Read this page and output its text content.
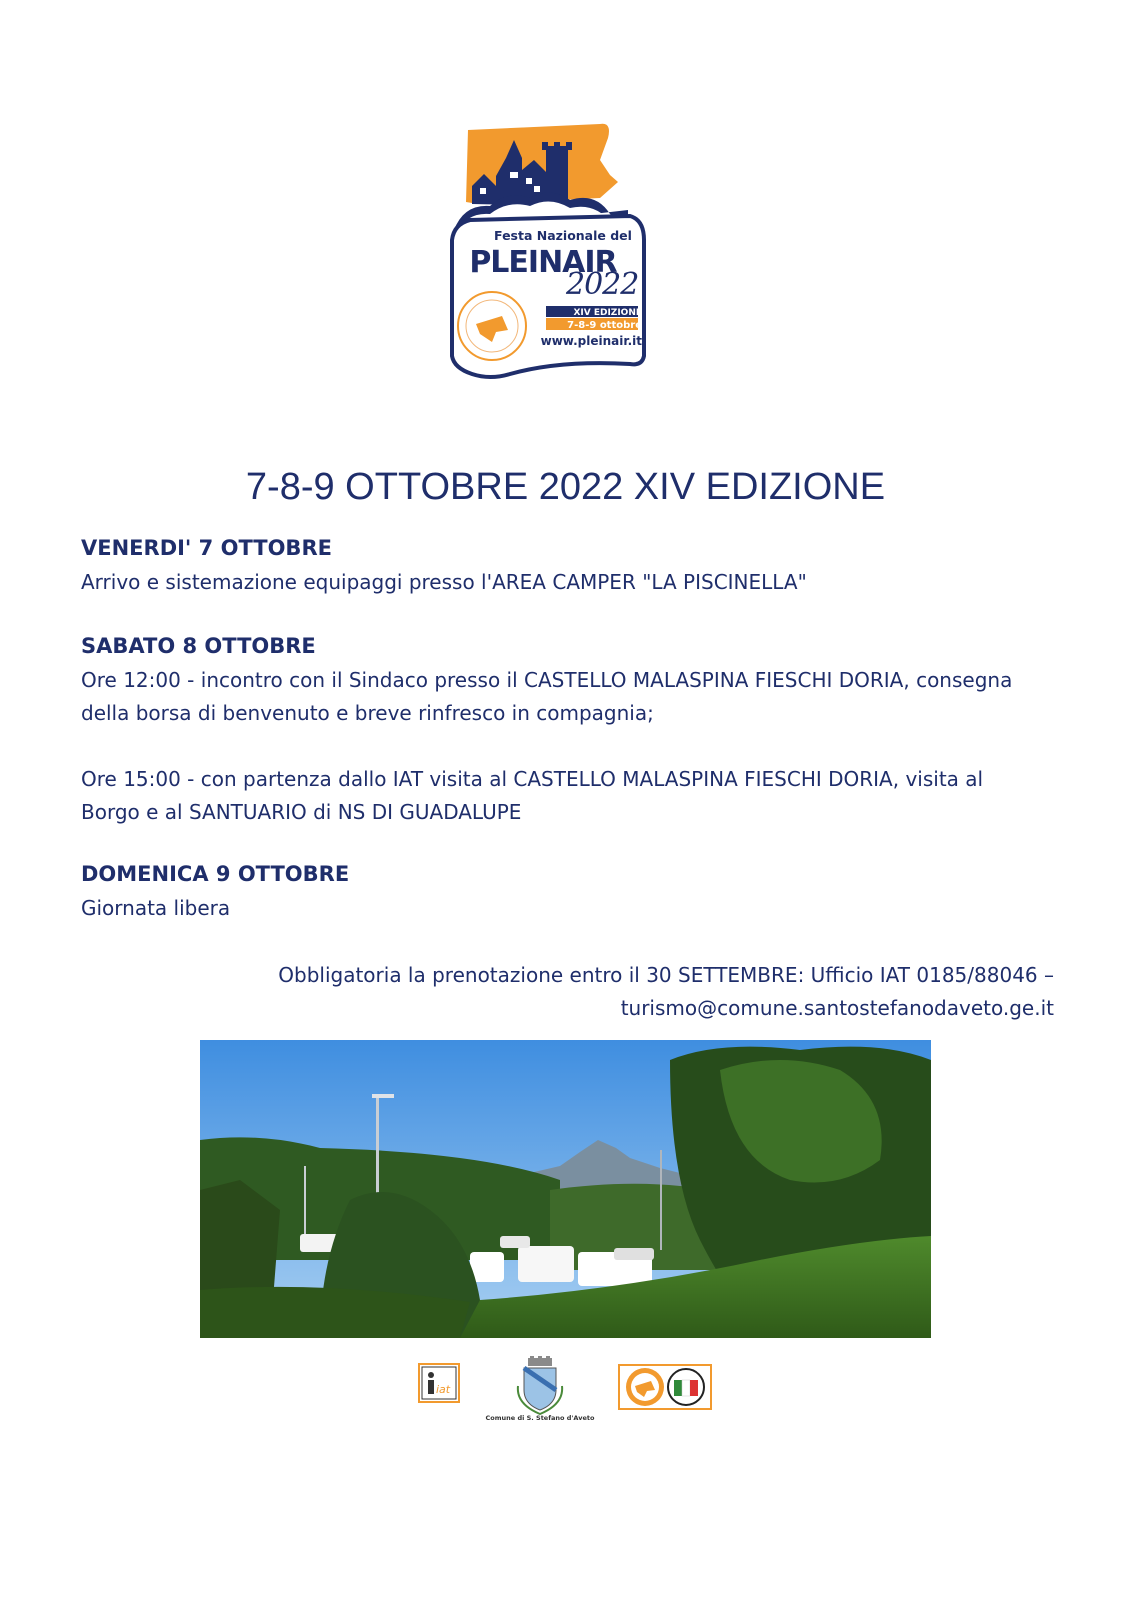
Festa Nazionale del
PLEINAIR
2022
XIV EDIZIONE
7-8-9 ottobre
www.pleinair.it
7-8-9 OTTOBRE 2022 XIV EDIZIONE
VENERDI' 7 OTTOBRE

Arrivo e sistemazione equipaggi presso l'AREA CAMPER "LA PISCINELLA"

SABATO 8 OTTOBRE

Ore 12:00 - incontro con il Sindaco presso il CASTELLO MALASPINA FIESCHI DORIA, consegna

della borsa di benvenuto e breve rinfresco in compagnia;

Ore 15:00 - con partenza dallo IAT visita al CASTELLO MALASPINA FIESCHI DORIA, visita al

Borgo e al SANTUARIO di NS DI GUADALUPE

DOMENICA 9 OTTOBRE

Giornata libera

Obbligatoria la prenotazione entro il 30 SETTEMBRE: Ufficio IAT 0185/88046 –

turismo@comune.santostefanodaveto.ge.it

iat
Comune di S. Stefano d'Aveto
